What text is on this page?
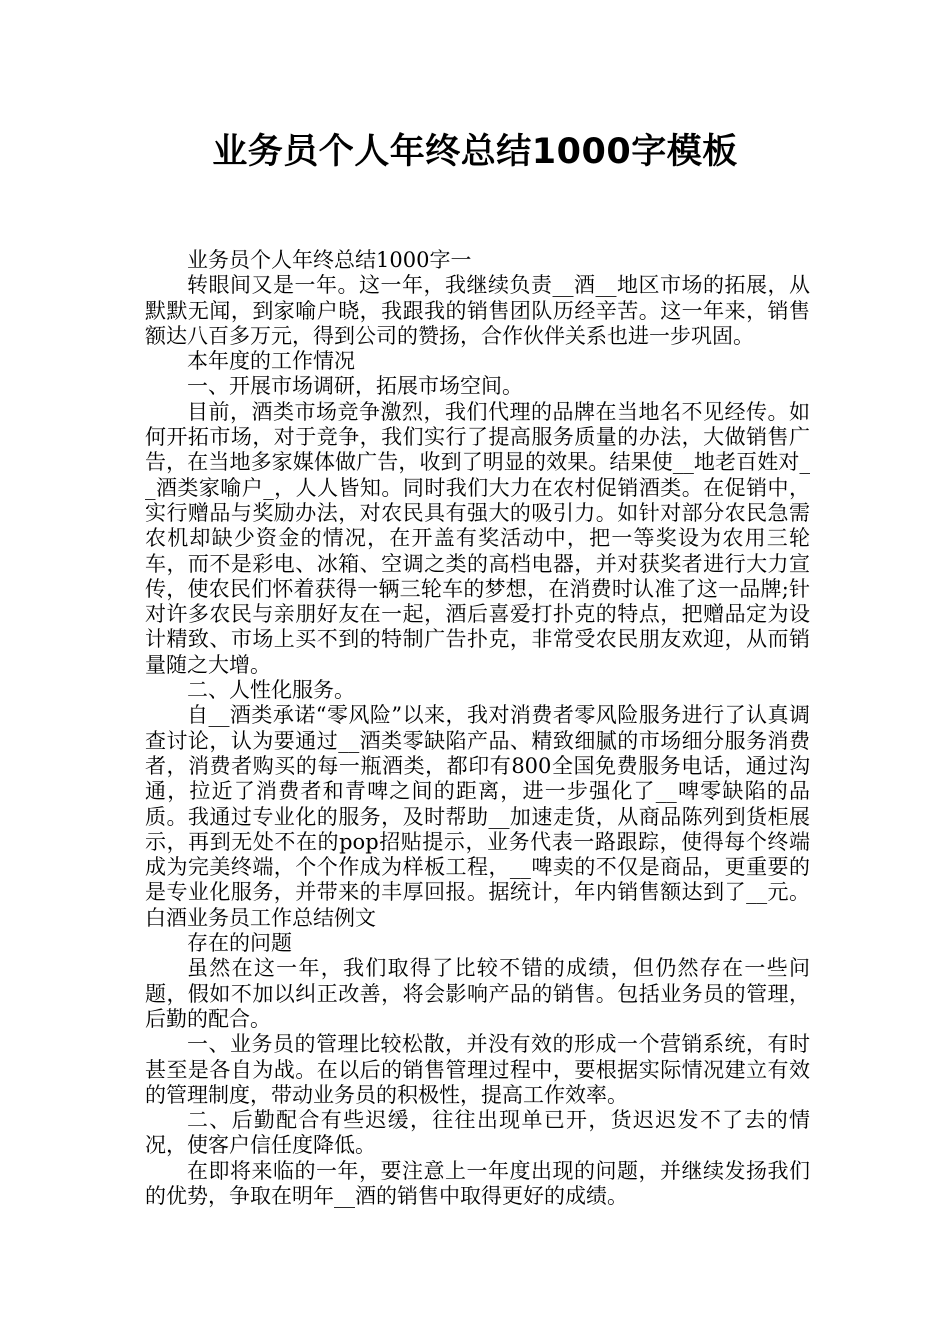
业务员个人年终总结1000字模板

业务员个人年终总结1000字一

转眼间又是一年。这一年，我继续负责__酒__地区市场的拓展，从默默无闻，到家喻户晓，我跟我的销售团队历经辛苦。这一年来，销售额达八百多万元，得到公司的赞扬，合作伙伴关系也进一步巩固。

本年度的工作情况

一、开展市场调研，拓展市场空间。

目前，酒类市场竞争激烈，我们代理的品牌在当地名不见经传。如何开拓市场，对于竞争，我们实行了提高服务质量的办法，大做销售广告，在当地多家媒体做广告，收到了明显的效果。结果使__地老百姓对__酒类家喻户_，人人皆知。同时我们大力在农村促销酒类。在促销中，实行赠品与奖励办法，对农民具有强大的吸引力。如针对部分农民急需农机却缺少资金的情况，在开盖有奖活动中，把一等奖设为农用三轮车，而不是彩电、冰箱、空调之类的高档电器，并对获奖者进行大力宣传，使农民们怀着获得一辆三轮车的梦想，在消费时认准了这一品牌;针对许多农民与亲朋好友在一起，酒后喜爱打扑克的特点，把赠品定为设计精致、市场上买不到的特制广告扑克，非常受农民朋友欢迎，从而销量随之大增。

二、人性化服务。

自__酒类承诺“零风险”以来，我对消费者零风险服务进行了认真调查讨论，认为要通过__酒类零缺陷产品、精致细腻的市场细分服务消费者，消费者购买的每一瓶酒类，都印有800全国免费服务电话，通过沟通，拉近了消费者和青啤之间的距离，进一步强化了__啤零缺陷的品质。我通过专业化的服务，及时帮助__加速走货，从商品陈列到货柜展示，再到无处不在的pop招贴提示，业务代表一路跟踪，使得每个终端成为完美终端，个个作成为样板工程，__啤卖的不仅是商品，更重要的是专业化服务，并带来的丰厚回报。据统计，年内销售额达到了__元。白酒业务员工作总结例文

存在的问题

虽然在这一年，我们取得了比较不错的成绩，但仍然存在一些问题，假如不加以纠正改善，将会影响产品的销售。包括业务员的管理，后勤的配合。

一、业务员的管理比较松散，并没有效的形成一个营销系统，有时甚至是各自为战。在以后的销售管理过程中，要根据实际情况建立有效的管理制度，带动业务员的积极性，提高工作效率。

二、后勤配合有些迟缓，往往出现单已开，货迟迟发不了去的情况，使客户信任度降低。

在即将来临的一年，要注意上一年度出现的问题，并继续发扬我们的优势，争取在明年__酒的销售中取得更好的成绩。
